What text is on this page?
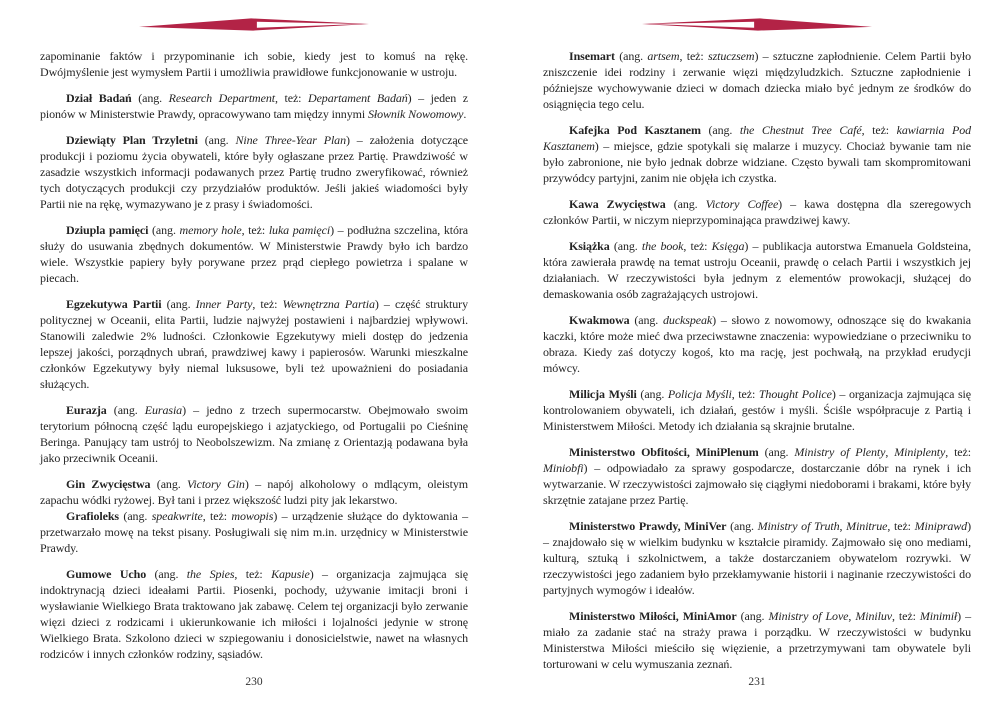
zapominanie faktów i przypominanie ich sobie, kiedy jest to komuś na rękę. Dwójmyślenie jest wymysłem Partii i umożliwia prawidłowe funkcjonowanie w ustroju.

Dział Badań (ang. Research Department, też: Departament Badań) – jeden z pionów w Ministerstwie Prawdy, opracowywano tam między innymi Słownik Nowomowy.

Dziewiąty Plan Trzyletni (ang. Nine Three-Year Plan) – założenia dotyczące produkcji i poziomu życia obywateli, które były ogłaszane przez Partię. Prawdziwość w zasadzie wszystkich informacji podawanych przez Partię trudno zweryfikować, również tych dotyczących produkcji czy przydziałów produktów. Jeśli jakieś wiadomości były Partii nie na rękę, wymazywano je z prasy i świadomości.

Dziupla pamięci (ang. memory hole, też: luka pamięci) – podłużna szczelina, która służy do usuwania zbędnych dokumentów. W Ministerstwie Prawdy było ich bardzo wiele. Wszystkie papiery były porywane przez prąd ciepłego powietrza i spalane w piecach.

Egzekutywa Partii (ang. Inner Party, też: Wewnętrzna Partia) – część struktury politycznej w Oceanii, elita Partii, ludzie najwyżej postawieni i najbardziej wpływowi. Stanowili zaledwie 2% ludności. Członkowie Egzekutywy mieli dostęp do jedzenia lepszej jakości, porządnych ubrań, prawdziwej kawy i papierosów. Warunki mieszkalne członków Egzekutywy były niemal luksusowe, byli też upoważnieni do posiadania służących.

Eurazja (ang. Eurasia) – jedno z trzech supermocarstw. Obejmowało swoim terytorium północną część lądu europejskiego i azjatyckiego, od Portugalii po Cieśninę Beringa. Panujący tam ustrój to Neobolszewizm. Na zmianę z Orientazją podawana była jako przeciwnik Oceanii.

Gin Zwycięstwa (ang. Victory Gin) – napój alkoholowy o mdlącym, oleistym zapachu wódki ryżowej. Był tani i przez większość ludzi pity jak lekarstwo.

Grafioleks (ang. speakwrite, też: mowopis) – urządzenie służące do dyktowania – przetwarzało mowę na tekst pisany. Posługiwali się nim m.in. urzędnicy w Ministerstwie Prawdy.

Gumowe Ucho (ang. the Spies, też: Kapusie) – organizacja zajmująca się indoktrynacją dzieci ideałami Partii. Piosenki, pochody, używanie imitacji broni i wysławianie Wielkiego Brata traktowano jak zabawę. Celem tej organizacji było zerwanie więzi dzieci z rodzicami i ukierunkowanie ich miłości i lojalności jedynie w stronę Wielkiego Brata. Szkolono dzieci w szpiegowaniu i donosicielstwie, nawet na własnych rodziców i innych członków rodziny, sąsiadów.

230

Insemart (ang. artsem, też: sztuczsem) – sztuczne zapłodnienie. Celem Partii było zniszczenie idei rodziny i zerwanie więzi międzyludzkich. Sztuczne zapłodnienie i późniejsze wychowywanie dzieci w domach dziecka miało być jednym ze środków do osiągnięcia tego celu.

Kafejka Pod Kasztanem (ang. the Chestnut Tree Café, też: kawiarnia Pod Kasztanem) – miejsce, gdzie spotykali się malarze i muzycy. Chociaż bywanie tam nie było zabronione, nie było jednak dobrze widziane. Często bywali tam skompromitowani przywódcy partyjni, zanim nie objęła ich czystka.

Kawa Zwycięstwa (ang. Victory Coffee) – kawa dostępna dla szeregowych członków Partii, w niczym nieprzypominająca prawdziwej kawy.

Książka (ang. the book, też: Księga) – publikacja autorstwa Emanuela Goldsteina, która zawierała prawdę na temat ustroju Oceanii, prawdę o celach Partii i wszystkich jej działaniach. W rzeczywistości była jednym z elementów prowokacji, służącej do demaskowania osób zagrażających ustrojowi.

Kwakmowa (ang. duckspeak) – słowo z nowomowy, odnoszące się do kwakania kaczki, które może mieć dwa przeciwstawne znaczenia: wypowiedziane o przeciwniku to obraza. Kiedy zaś dotyczy kogoś, kto ma rację, jest pochwałą, na przykład erudycji mówcy.

Milicja Myśli (ang. Policja Myśli, też: Thought Police) – organizacja zajmująca się kontrolowaniem obywateli, ich działań, gestów i myśli. Ściśle współpracuje z Partią i Ministerstwem Miłości. Metody ich działania są skrajnie brutalne.

Ministerstwo Obfitości, MiniPlenum (ang. Ministry of Plenty, Miniplenty, też: Miniobfi) – odpowiadało za sprawy gospodarcze, dostarczanie dóbr na rynek i ich wytwarzanie. W rzeczywistości zajmowało się ciągłymi niedoborami i brakami, które były skrzętnie zatajane przez Partię.

Ministerstwo Prawdy, MiniVer (ang. Ministry of Truth, Minitrue, też: Miniprawd) – znajdowało się w wielkim budynku w kształcie piramidy. Zajmowało się ono mediami, kulturą, sztuką i szkolnictwem, a także dostarczaniem obywatelom rozrywki. W rzeczywistości jego zadaniem było przekłamywanie historii i naginanie rzeczywistości do partyjnych wymogów i ideałów.

Ministerstwo Miłości, MiniAmor (ang. Ministry of Love, Miniluv, też: Minimił) – miało za zadanie stać na straży prawa i porządku. W rzeczywistości w budynku Ministerstwa Miłości mieściło się więzienie, a przetrzymywani tam obywatele byli torturowani w celu wymuszania zeznań.

231
